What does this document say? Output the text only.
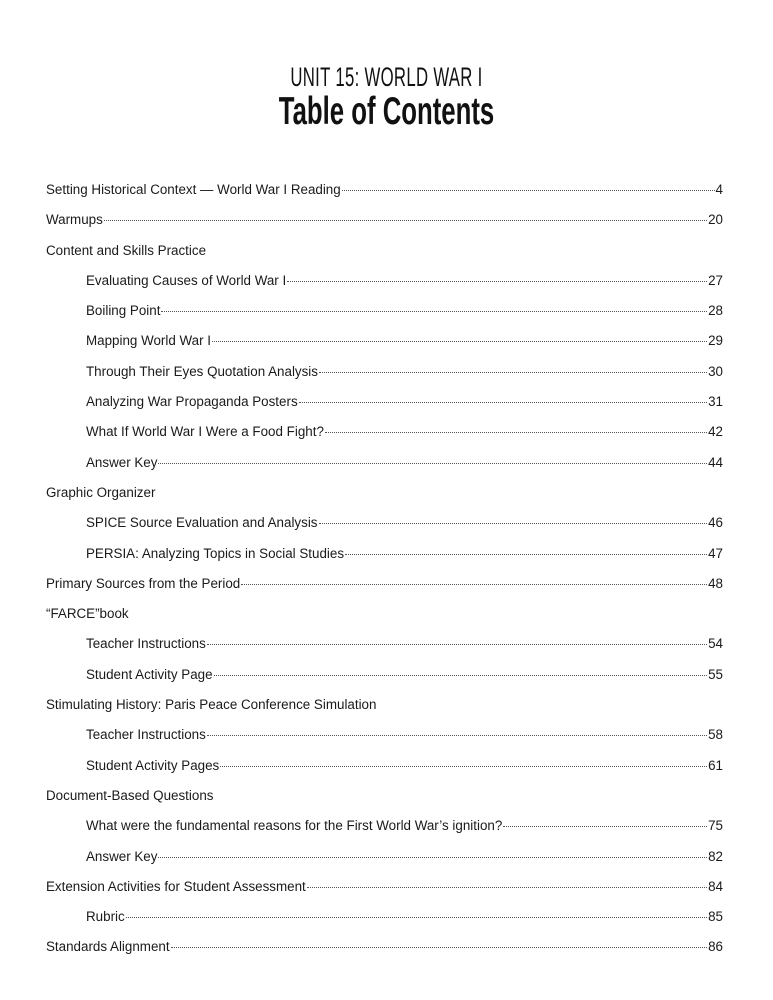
UNIT 15: WORLD WAR I
Table of Contents
Setting Historical Context — World War I Reading	4
Warmups	20
Content and Skills Practice
Evaluating Causes of World War I	27
Boiling Point	28
Mapping World War I	29
Through Their Eyes Quotation Analysis	30
Analyzing War Propaganda Posters	31
What If World War I Were a Food Fight?	42
Answer Key	44
Graphic Organizer
SPICE Source Evaluation and Analysis	46
PERSIA: Analyzing Topics in Social Studies	47
Primary Sources from the Period	48
“FARCE”book
Teacher Instructions	54
Student Activity Page	55
Stimulating History: Paris Peace Conference Simulation
Teacher Instructions	58
Student Activity Pages	61
Document-Based Questions
What were the fundamental reasons for the First World War’s ignition?	75
Answer Key	82
Extension Activities for Student Assessment	84
Rubric	85
Standards Alignment	86
